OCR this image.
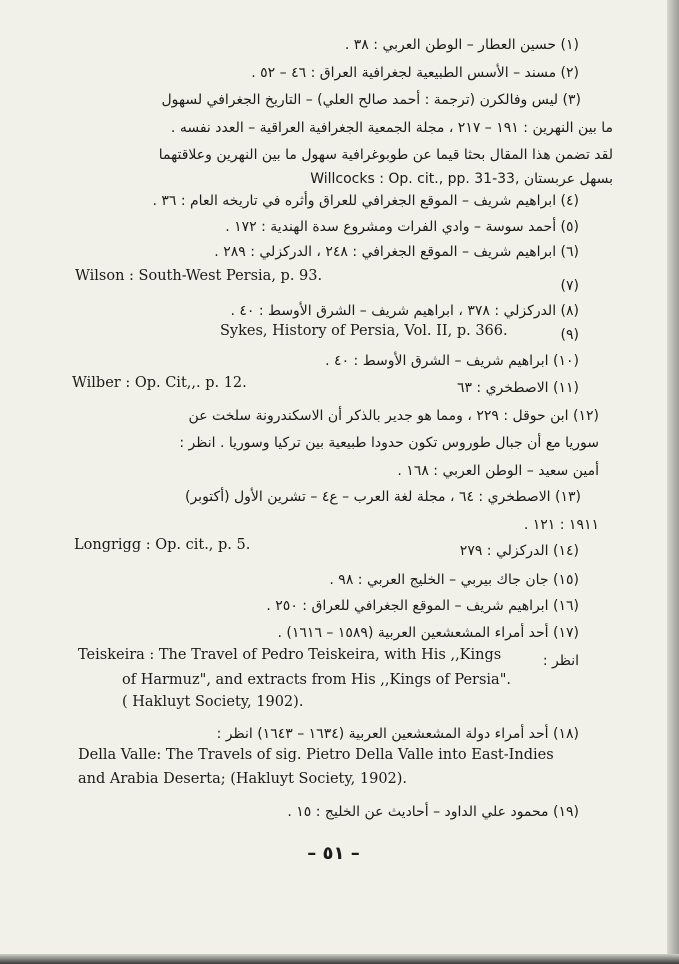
(١) حسين العطار – الوطن العربي : ٣٨ .
(٢) مسند – الأسس الطبيعية لجغرافية العراق : ٤٦ – ٥٢ .
(٣) ليس وفالكرن (ترجمة : أحمد صالح العلي) – التاريخ الجغرافي لسهول
ما بين النهرين : ١٩١ – ٢١٧ ، مجلة الجمعية الجغرافية العراقية – العدد نفسه .
لقد تضمن هذا المقال بحثا قيما عن طوبوغرافية سهول ما بين النهرين وعلاقتهما
بسهل عربستان ,Willcocks : Op. cit., pp. 31-33
(٤) ابراهيم شريف – الموقع الجغرافي للعراق وأثره في تاريخه العام : ٣٦ .
(٥) أحمد سوسة – وادي الفرات ومشروع سدة الهندية : ١٧٢ .
(٦) ابراهيم شريف – الموقع الجغرافي : ٢٤٨ ، الدركزلي : ٢٨٩ .
Wilson : South-West Persia, p. 93.
(٧)
(٨) الدركزلي : ٣٧٨ ، ابراهيم شريف – الشرق الأوسط : ٤٠ .
Sykes, History of Persia, Vol. II, p. 366.	(٩)
(١٠) ابراهيم شريف – الشرق الأوسط : ٤٠ .
Wilber : Op. Cit,,. p. 12.	(١١) الاصطخري : ٦٣
(١٢) ابن حوقل : ٢٢٩ ، ومما هو جدير بالذكر أن الاسكندرونة سلخت عن
سوريا مع أن جبال طوروس تكون حدودا طبيعية بين تركيا وسوريا . انظر :
أمين سعيد – الوطن العربي : ١٦٨ .
(١٣) الاصطخري : ٦٤ ، مجلة لغة العرب – ع٤ – تشرين الأول (أكتوبر)
١٩١١ : ١٢١ .
Longrigg : Op. cit., p. 5.	(١٤) الدركزلي : ٢٧٩
(١٥) جان جاك بيربي – الخليج العربي : ٩٨ .
(١٦) ابراهيم شريف – الموقع الجغرافي للعراق : ٢٥٠ .
(١٧) أحد أمراء المشعشعين العربية (١٥٨٩ – ١٦١٦) .
Teiskeira : The Travel of Pedro Teiskeira, with His ,,Kings	انظر :
of Harmuz", and extracts from His ,,Kings of Persia".
( Hakluyt Society, 1902).
(١٨) أحد أمراء دولة المشعشعين العربية (١٦٣٤ – ١٦٤٣) انظر :
Della Valle: The Travels of sig. Pietro Della Valle into East-Indies
and Arabia Deserta; (Hakluyt Society, 1902).
(١٩) محمود علي الداود – أحاديث عن الخليج : ١٥ .
– ٥١ –
